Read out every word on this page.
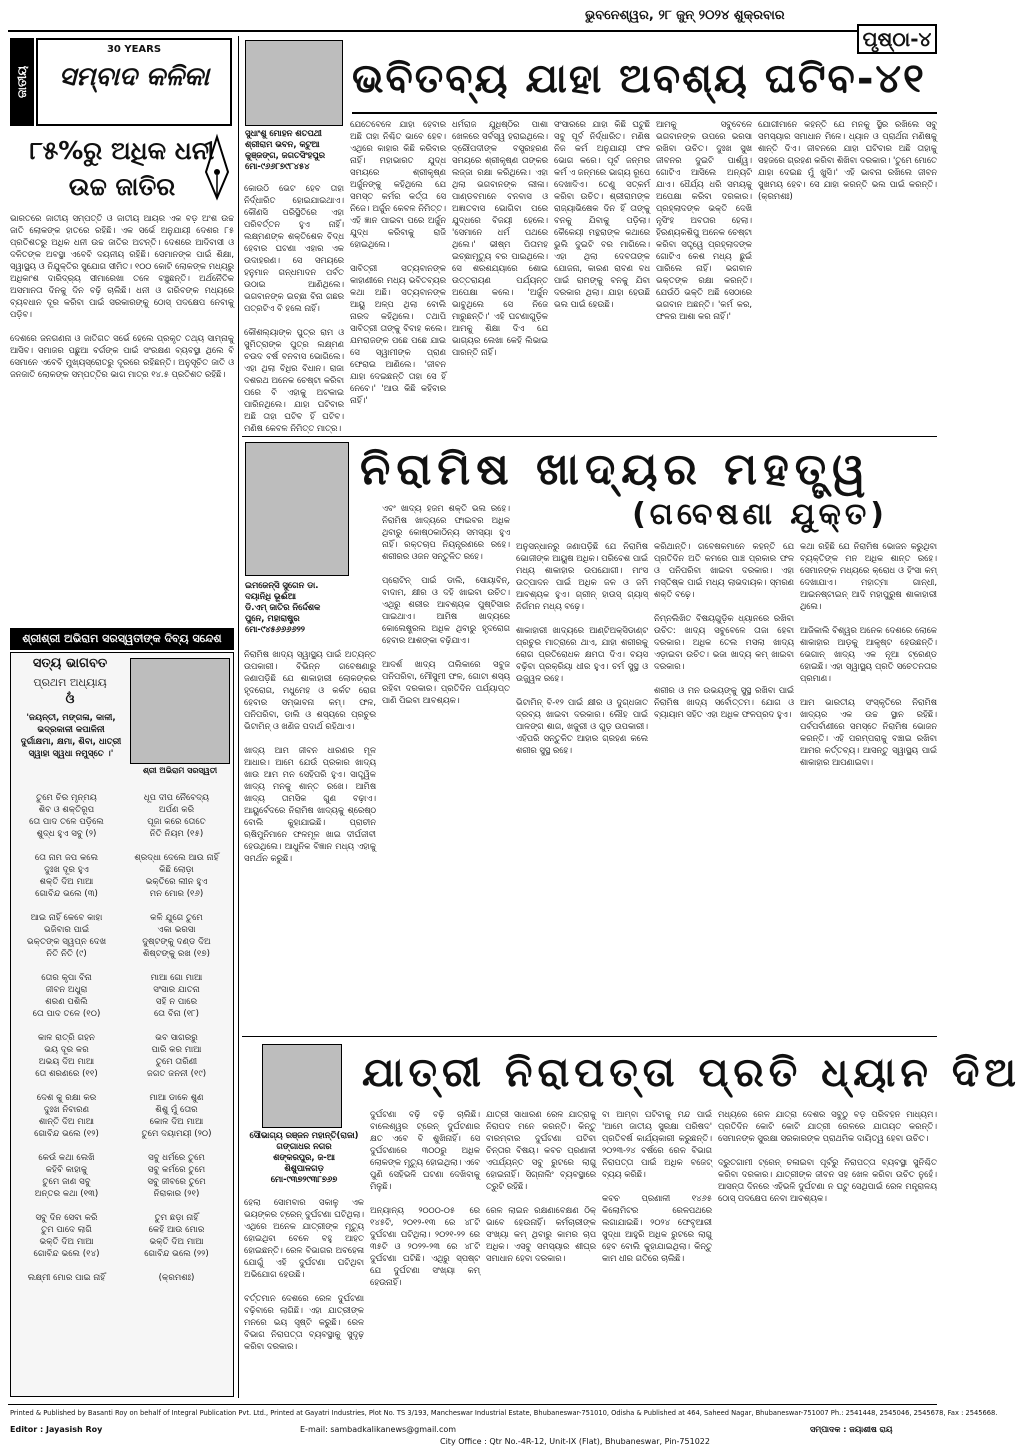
ଭୁବନେଶ୍ୱର, ୨୮ ଜୁନ୍ ୨୦୨୪ ଶୁକ୍ରବାର
ପୃଷ୍ଠା-୪
ଜାତୀୟ
30 YEARS
ସମ୍ବାଦ କଳିକା
୮୫%ରୁ ଅଧିକ ଧନୀ
ଉଚ୍ଚ ଜାତିର
ଭାରତରେ ଜାତୀୟ ସମ୍ପତ୍ତି ଓ ଜାତୀୟ ଆୟର ଏକ ବଡ଼ ଅଂଶ ଉଚ୍ଚ ଜାତି ଲୋକଙ୍କ ହାତରେ ରହିଛି। ଏକ ସର୍ଭେ ଅନୁଯାୟୀ ଦେଶର ୮୫ ପ୍ରତିଶତରୁ ଅଧିକ ଧନୀ ଉଚ୍ଚ ଜାତିର ଅଟନ୍ତି। ଦେଶରେ ଆଦିବାସୀ ଓ ଦଳିତଙ୍କ ଅବସ୍ଥା ଏବେବି ଦୟନୀୟ ରହିଛି। ସେମାନଙ୍କ ପାଇଁ ଶିକ୍ଷା, ସ୍ୱାସ୍ଥ୍ୟ ଓ ନିଯୁକ୍ତିର ସୁଯୋଗ ସୀମିତ। ୧୦୦ କୋଟି ଲୋକଙ୍କ ମଧ୍ୟରୁ ଅଧିକାଂଶ ଦାରିଦ୍ର୍ୟ ସୀମାରେଖା ତଳେ ବଞ୍ଚୁଛନ୍ତି। ଅର୍ଥନୈତିକ ଅସମାନତା ଦିନକୁ ଦିନ ବଢ଼ି ଚାଲିଛି। ଧନୀ ଓ ଗରିବଙ୍କ ମଧ୍ୟରେ ବ୍ୟବଧାନ ଦୂର କରିବା ପାଇଁ ସରକାରଙ୍କୁ ଠୋସ୍ ପଦକ୍ଷେପ ନେବାକୁ ପଡ଼ିବ।

ଦେଶରେ ଜନଗଣନା ଓ ଜାତିଗତ ସର୍ଭେ ହେଲେ ପ୍ରକୃତ ତଥ୍ୟ ସାମ୍ନାକୁ ଆସିବ। ସମାଜର ପଛୁଆ ବର୍ଗଙ୍କ ପାଇଁ ସଂରକ୍ଷଣ ବ୍ୟବସ୍ଥା ଥିଲେ ବି ସେମାନେ ଏବେବି ମୁଖ୍ୟସ୍ରୋତରୁ ଦୂରରେ ରହିଛନ୍ତି। ଅନୁସୂଚିତ ଜାତି ଓ ଜନଜାତି ଲୋକଙ୍କ ସମ୍ପତ୍ତିର ଭାଗ ମାତ୍ର ୧୪.୫ ପ୍ରତିଶତ ରହିଛି।
ଶ୍ରୀଶ୍ରୀ ଅଭିରାମ ସରସ୍ୱତୀଙ୍କ ଦିବ୍ୟ ସନ୍ଦେଶ
ସତ୍ୟ ଭାଗବତ
ପ୍ରଥମ ଅଧ୍ୟାୟ
ଓଁ
ଶ୍ରୀ ଅଭିରାମ ସରସ୍ୱତୀ
'ଜୟନ୍ତୀ, ମଙ୍ଗଳା, କାଳୀ,
ଭଦ୍ରକାଳୀ କପାଳିନୀ
ଦୁର୍ଗାକ୍ଷମା, କ୍ଷମା, ଶିବା, ଧାତ୍ରୀ
ସ୍ୱାହା ସ୍ୱଧା ନମୁସ୍ତେ ।'
ତୁମେ ଚିର ମୃନ୍ମୟ
ଶିବ ଓ ଶକ୍ତିରୂପ
ତୋ ପାଦ ତଳେ ପଡ଼ିଲେ
ଶୁଦ୍ଧ ହୁଏ ସବୁ (୨)

ତୋ ନାମ ଜପ କଲେ
ଦୁଃଖ ଦୂର ହୁଏ
ଶକ୍ତି ଦିଅ ମାଆ
ଗୋବିନ୍ଦ ଭଲେ (୩)

ଆଇ ନାହିଁ କେବେ କାହା
ଭଜିବାର ପାଇଁ
ଭକ୍ତଙ୍କ ସ୍ୱପ୍ନ ଦେଖ
ନିତି ନିତି (୯)

ତୋର କୃପା ବିନା
ଜୀବନ ଅଧୁରା
ଶରଣ ପଶିଲି
ତୋ ପାଦ ତଳେ (୧୦)

କାଳ ରାତ୍ରି ଗହନ
ଭୟ ଦୂର କର
ଅଭୟ ଦିଅ ମାଆ
ତୋ ଶରଣରେ (୧୧)

ଦେଶ କୁ ରକ୍ଷା କର
ଦୁଃଖ ନିବାରଣ
ଶାନ୍ତି ଦିଅ ମାଆ
ଗୋବିନ୍ଦ ଭଲେ (୧୨)

କେଉଁ କଥା ଲେଖି
କହିବି କାହାକୁ
ତୁମେ ଜାଣ ସବୁ
ଅନ୍ତର କଥା (୧୩)

ସବୁ ଦିନ ସେବା କରି
ତୁମ ପାଦେ ଲାଗି
ଭକ୍ତି ଦିଅ ମାଆ
ଗୋବିନ୍ଦ ଭଲେ (୧୪)

ଲକ୍ଷ୍ମୀ ମୋର ପାଇ ନାହିଁ
ଧୂପ ଦୀପ ନୈବେଦ୍ୟ
ଅର୍ପଣ କରି
ପୂଜା କରେ ତୋତେ
ନିତି ନିୟମ (୧୫)

ଶ୍ରଦ୍ଧା ଦେଲେ ଆଉ ନାହିଁ
କିଛି ଲୋଡ଼ା
ଭକ୍ତିରେ ଲୀନ ହୁଏ
ମନ ମୋର (୧୬)

କଳି ଯୁଗେ ତୁମେ
ଏକା ଭରସା
ଦୁଷ୍ଟଙ୍କୁ ଦଣ୍ଡ ଦିଅ
ଶିଷ୍ଟଙ୍କୁ ରଖ (୧୭)

ମାଆ ଗୋ ମାଆ
ସଂସାର ଯାତନା
ସହି ନ ପାରେ
ତୋ ବିନା (୧୮)

ଭବ ସାଗରରୁ
ପାରି କର ମାଆ
ତୁମେ ତାରିଣୀ
ଜଗତ ଜନନୀ (୧୯)

ମାଆ ଡାକେ ଶୁଣ
ଶିଶୁ ମୁଁ ତୋର
କୋଳ ଦିଅ ମାଆ
ତୁମେ ଦୟାମୟୀ (୨୦)

ସବୁ ଧର୍ମରେ ତୁମେ
ସବୁ କର୍ମରେ ତୁମେ
ସବୁ ଜୀବରେ ତୁମେ
ନିରାକାର (୨୧)

ତୁମ ଛଡ଼ା ନାହିଁ
କେହି ଆଉ ମୋର
ଭକ୍ତି ଦିଅ ମାଆ
ଗୋବିନ୍ଦ ଭଲେ (୨୨)

(କ୍ରମଶଃ)
ସୁଧାଂଶୁ ମୋହନ ଶତପଥୀ
ଶ୍ରୀରାମ ଭବନ, କଟୁଆ
କୁଞ୍ଜଙ୍ଗ, ଜଗତସିଂହପୁର
ମୋ-୯୬୬୮୭୯୮୪୫୪
ଭବିତବ୍ୟ ଯାହା ଅବଶ୍ୟ ଘଟିବ-୪୧
କୋଉଠି ଭେଟ ହେବ ତାହା ନିର୍ଦ୍ଧାରିତ ହୋଇଯାଇଥାଏ। କୌଣସି ପରିସ୍ଥିତିରେ ଏହା ପରିବର୍ତ୍ତନ ହୁଏ ନାହିଁ। ଲକ୍ଷ୍ମଣଙ୍କ ଶକ୍ତିଶେଳ ବିଦ୍ଧ ହେବାର ଘଟଣା ଏହାର ଏକ ଉଦାହରଣ। ସେ ସମୟରେ ହନୁମାନ ଗନ୍ଧମାଦନ ପର୍ବତ ଉଠାଇ ଆଣିଥିଲେ। ଭଗବାନଙ୍କ ଇଚ୍ଛା ବିନା ଗଛର ପତ୍ରଟିଏ ବି ହଲେ ନାହିଁ।

କୌଶଲ୍ୟାଙ୍କ ପୁତ୍ର ରାମ ଓ ସୁମିତ୍ରାଙ୍କ ପୁତ୍ର ଲକ୍ଷ୍ମଣ ଚଉଦ ବର୍ଷ ବନବାସ ଭୋଗିଲେ। ଏହା ଥିଲା ବିଧିର ବିଧାନ। ରାଜା ଦଶରଥ ଅନେକ ଚେଷ୍ଟା କରିବା ପରେ ବି ଏହାକୁ ଅଟକାଇ ପାରିନଥିଲେ। ଯାହା ଘଟିବାର ଅଛି ତାହା ଘଟିବ ହିଁ ଘଟିବ। ମଣିଷ କେବଳ ନିମିତ୍ତ ମାତ୍ର।
ଯେତେବେଳେ ଯାହା ହେବାର ଅଛି ତାହା ନିଶ୍ଚିତ ଭାବେ ହେବ। ଏଥିରେ କାହାର କିଛି କରିବାର ନାହିଁ। ମହାଭାରତ ଯୁଦ୍ଧ ସମୟରେ ଶ୍ରୀକୃଷ୍ଣ ଅର୍ଜୁନଙ୍କୁ କହିଥିଲେ ଯେ ସମସ୍ତ କର୍ମର କର୍ତ୍ତା ସେ ନିଜେ। ଅର୍ଜୁନ କେବଳ ନିମିତ୍ତ। ଏହି ଜ୍ଞାନ ପାଇବା ପରେ ଅର୍ଜୁନ ଯୁଦ୍ଧ କରିବାକୁ ରାଜି ହୋଇଥିଲେ।

ସାବିତ୍ରୀ ସତ୍ୟବାନଙ୍କ କାହାଣୀରେ ମଧ୍ୟ ଭବିତବ୍ୟର କଥା ଅଛି। ସତ୍ୟବାନଙ୍କ ଆୟୁ ଅଳ୍ପ ଥିଲା ବୋଲି ନାରଦ କହିଥିଲେ। ତଥାପି ସାବିତ୍ରୀ ତାଙ୍କୁ ବିବାହ କଲେ। ଯମରାଜଙ୍କ ପଛେ ପଛେ ଯାଇ ସେ ସ୍ୱାମୀଙ୍କ ପ୍ରାଣ ଫେରାଇ ଆଣିଲେ। 'ଜୀବନ ଯାହା ଦେଇଛନ୍ତି ତାହା ସେ ହିଁ ନେବେ।' 'ଆଉ କିଛି କହିବାର ନାହିଁ।'
ଧର୍ମରାଜ ଯୁଧିଷ୍ଠିର ପାଶା ଖେଳରେ ସର୍ବସ୍ୱ ହରାଇଥିଲେ। ଦ୍ରୌପଦୀଙ୍କ ବସ୍ତ୍ରହରଣ ସମୟରେ ଶ୍ରୀକୃଷ୍ଣ ତାଙ୍କର ଲଜ୍ଜା ରକ୍ଷା କରିଥିଲେ। ଏହା ଥିଲା ଭଗବାନଙ୍କ ଲୀଳା। ପାଣ୍ଡବମାନେ ବନବାସ ଓ ଅଜ୍ଞାତବାସ ଭୋଗିବା ପରେ ଯୁଦ୍ଧରେ ବିଜୟୀ ହେଲେ। 'ସେମାନେ ଧର୍ମ ପଥରେ ଥିଲେ।' ଭୀଷ୍ମ ପିତାମହ ଇଚ୍ଛାମୃତ୍ୟୁ ବର ପାଇଥିଲେ। ସେ ଶରଶଯ୍ୟାରେ ଶୋଇ ଉତ୍ତରାୟଣ ପର୍ଯ୍ୟନ୍ତ ଅପେକ୍ଷା କଲେ। 'ଅର୍ଜୁନ ଭାବୁଥିଲେ ସେ ନିଜେ ମାରୁଛନ୍ତି।' ଏହି ଘଟଣାଗୁଡ଼ିକ ଆମକୁ ଶିକ୍ଷା ଦିଏ ଯେ ଭାଗ୍ୟର ଲେଖା କେହି ଲିଭାଇ ପାରନ୍ତି ନାହିଁ।
ସଂସାରରେ ଯାହା କିଛି ଘଟୁଛି ସବୁ ପୂର୍ବ ନିର୍ଦ୍ଧାରିତ। ମଣିଷ ନିଜ କର୍ମ ଅନୁଯାୟୀ ଫଳ ଭୋଗ କରେ। ପୂର୍ବ ଜନ୍ମର କର୍ମ ଏ ଜନ୍ମରେ ଭାଗ୍ୟ ରୂପେ ଦେଖାଦିଏ। ତେଣୁ ସତ୍କର୍ମ କରିବା ଉଚିତ। ଶ୍ରୀରାମଙ୍କ ରାଜ୍ୟାଭିଷେକ ଦିନ ହିଁ ତାଙ୍କୁ ବନକୁ ଯିବାକୁ ପଡ଼ିଲା। କୈକେୟୀ ମନ୍ଥରାଙ୍କ କଥାରେ ଭୁଲି ଦୁଇଟି ବର ମାଗିଲେ। ଏହା ଥିଲା ଦେବତାଙ୍କ ଯୋଜନା, କାରଣ ରାବଣ ବଧ ପାଇଁ ରାମଙ୍କୁ ବନକୁ ଯିବା ଦରକାର ଥିଲା। ଯାହା ହେଉଛି ଭଲ ପାଇଁ ହେଉଛି।
ଆମକୁ ସବୁବେଳେ ଭଗବାନଙ୍କ ଉପରେ ଭରସା ରଖିବା ଉଚିତ। ଦୁଃଖ ସୁଖ ଜୀବନର ଦୁଇଟି ପାର୍ଶ୍ୱ। ଗୋଟିଏ ଆସିଲେ ଅନ୍ୟଟି ଯାଏ। ଧୈର୍ଯ୍ୟ ଧରି ସମୟକୁ ଅପେକ୍ଷା କରିବା ଦରକାର। ପ୍ରହ୍ଲାଦଙ୍କ ଭକ୍ତି ଦେଖି ନୃସିଂହ ଅବତାର ହେଲା। ହିରଣ୍ୟକଶିପୁ ଅନେକ ଚେଷ୍ଟା କରିବା ସତ୍ତ୍ୱେ ପ୍ରହ୍ଲାଦଙ୍କ ଗୋଟିଏ କେଶ ମଧ୍ୟ ଛୁଇଁ ପାରିଲେ ନାହିଁ। ଭଗବାନ ଭକ୍ତଙ୍କ ରକ୍ଷା କରନ୍ତି। ଯେଉଁଠି ଭକ୍ତି ଅଛି ସେଠାରେ ଭଗବାନ ଅଛନ୍ତି। 'କର୍ମ କର, ଫଳର ଆଶା କର ନାହିଁ।'
ଯୋଗୀମାନେ କହନ୍ତି ଯେ ମନକୁ ସ୍ଥିର ରଖିଲେ ସବୁ ସମସ୍ୟାର ସମାଧାନ ମିଳେ। ଧ୍ୟାନ ଓ ପ୍ରାର୍ଥନା ମଣିଷକୁ ଶାନ୍ତି ଦିଏ। ଜୀବନରେ ଯାହା ଘଟିବାର ଅଛି ତାହାକୁ ସହଜରେ ଗ୍ରହଣ କରିବା ଶିଖିବା ଦରକାର। 'ତୁମେ ମୋତେ ଯାହା ଦେଇଛ ମୁଁ ଖୁସି।' ଏହି ଭାବନା ରଖିଲେ ଜୀବନ ସୁଖମୟ ହେବ। ସେ ଯାହା କରନ୍ତି ଭଲ ପାଇଁ କରନ୍ତି। (କ୍ରମଶଃ)
ଇମଜେନ୍ସି ସୁଗେନ ଡା.
ଦୟାନିଧି ଭୂଈଁଆ
ଡି.ଏମ୍ ଜାତିର ନିର୍ଦ୍ଦେଶକ
ପୁନେ, ମହାରାଷ୍ଟ୍ର
ମୋ-୯୪୫୬୬୬୬୨୨
ନିରାମିଷ ଖାଦ୍ୟର ମହତ୍ତ୍ୱ
(ଗବେଷଣା ଯୁକ୍ତ)
ନିରାମିଷ ଖାଦ୍ୟ ସ୍ୱାସ୍ଥ୍ୟ ପାଇଁ ଅତ୍ୟନ୍ତ ଉପକାରୀ। ବିଭିନ୍ନ ଗବେଷଣାରୁ ଜଣାପଡ଼ିଛି ଯେ ଶାକାହାରୀ ଲୋକଙ୍କର ହୃଦରୋଗ, ମଧୁମେହ ଓ କର୍କଟ ରୋଗ ହେବାର ସମ୍ଭାବନା କମ୍। ଫଳ, ପନିପରିବା, ଡାଲି ଓ ଶସ୍ୟରେ ପ୍ରଚୁର ଭିଟାମିନ୍ ଓ ଖଣିଜ ପଦାର୍ଥ ରହିଥାଏ।

ଖାଦ୍ୟ ଆମ ଜୀବନ ଧାରଣର ମୂଳ ଆଧାର। ଆମେ ଯେଉଁ ପ୍ରକାର ଖାଦ୍ୟ ଖାଉ ଆମ ମନ ସେହିପରି ହୁଏ। ସାତ୍ତ୍ୱିକ ଖାଦ୍ୟ ମନକୁ ଶାନ୍ତ ରଖେ। ଆମିଷ ଖାଦ୍ୟ ତାମସିକ ଗୁଣ ବଢ଼ାଏ। ଆୟୁର୍ବେଦରେ ନିରାମିଷ ଖାଦ୍ୟକୁ ଶ୍ରେଷ୍ଠ ବୋଲି କୁହାଯାଇଛି। ପ୍ରାଚୀନ ଋଷିମୁନିମାନେ ଫଳମୂଳ ଖାଇ ଦୀର୍ଘଜୀବୀ ହେଉଥିଲେ। ଆଧୁନିକ ବିଜ୍ଞାନ ମଧ୍ୟ ଏହାକୁ ସମର୍ଥନ କରୁଛି।
ଏବଂ ଖାଦ୍ୟ ହଜମ ଶକ୍ତି ଭଲ ରହେ। ନିରାମିଷ ଖାଦ୍ୟରେ ଫାଇବର ଅଧିକ ଥିବାରୁ କୋଷ୍ଠକାଠିନ୍ୟ ସମସ୍ୟା ହୁଏ ନାହିଁ। ରକ୍ତଚାପ ନିୟନ୍ତ୍ରଣରେ ରହେ। ଶରୀରର ଓଜନ ସନ୍ତୁଳିତ ରହେ।

ପ୍ରୋଟିନ୍ ପାଇଁ ଡାଲି, ସୋୟାବିନ୍, ବାଦାମ, କ୍ଷୀର ଓ ଦହି ଖାଇବା ଉଚିତ। ଏଥିରୁ ଶରୀର ଆବଶ୍ୟକ ପୁଷ୍ଟିସାର ପାଇଥାଏ। ଆମିଷ ଖାଦ୍ୟରେ କୋଲେଷ୍ଟ୍ରଲ ଅଧିକ ଥିବାରୁ ହୃଦରୋଗ ହେବାର ଆଶଙ୍କା ବଢ଼ିଯାଏ।

ଆଦର୍ଶ ଖାଦ୍ୟ ତାଲିକାରେ ସବୁଜ ପନିପରିବା, ମୌସୁମୀ ଫଳ, ଗୋଟା ଶସ୍ୟ ରହିବା ଦରକାର। ପ୍ରତିଦିନ ପର୍ଯ୍ୟାପ୍ତ ପାଣି ପିଇବା ଆବଶ୍ୟକ।
ଅନୁସନ୍ଧାନରୁ ଜଣାପଡ଼ିଛି ଯେ ନିରାମିଷ ଭୋଜୀଙ୍କ ଆୟୁଷ ଅଧିକ। ପରିବେଶ ପାଇଁ ମଧ୍ୟ ଶାକାହାର ଉପଯୋଗୀ। ମାଂସ ଉତ୍ପାଦନ ପାଇଁ ଅଧିକ ଜଳ ଓ ଜମି ଆବଶ୍ୟକ ହୁଏ। ଗ୍ରୀନ୍ ହାଉସ୍ ଗ୍ୟାସ୍ ନିର୍ଗମନ ମଧ୍ୟ ବଢ଼େ।

ଶାକାହାରୀ ଖାଦ୍ୟରେ ଆଣ୍ଟିଅକ୍ସିଡାଣ୍ଟ ପ୍ରଚୁର ମାତ୍ରାରେ ଥାଏ, ଯାହା ଶରୀରକୁ ରୋଗ ପ୍ରତିରୋଧକ କ୍ଷମତା ଦିଏ। ବୟସ ବଢ଼ିବା ପ୍ରକ୍ରିୟା ଧୀର ହୁଏ। ଚର୍ମ ସୁସ୍ଥ ଓ ଉଜ୍ଜ୍ୱଳ ରହେ।

ଭିଟାମିନ୍ ବି-୧୨ ପାଇଁ କ୍ଷୀର ଓ ଦୁଗ୍ଧଜାତ ଦ୍ରବ୍ୟ ଖାଇବା ଦରକାର। ଲୌହ ପାଇଁ ପାଳଙ୍ଗ ଶାଗ, ଖଜୁରୀ ଓ ଗୁଡ଼ ଉପକାରୀ। ଏହିପରି ସନ୍ତୁଳିତ ଆହାର ଗ୍ରହଣ କଲେ ଶରୀର ସୁସ୍ଥ ରହେ।
କରିଥାନ୍ତି। ଗବେଷକମାନେ କହନ୍ତି ଯେ ପ୍ରତିଦିନ ଅତି କମରେ ପାଞ୍ଚ ପ୍ରକାର ଫଳ ଓ ପନିପରିବା ଖାଇବା ଦରକାର। ଏହା ମସ୍ତିଷ୍କ ପାଇଁ ମଧ୍ୟ ଲାଭଦାୟକ। ସ୍ମରଣ ଶକ୍ତି ବଢ଼େ।

ନିମ୍ନଲିଖିତ ବିଷୟଗୁଡ଼ିକ ଧ୍ୟାନରେ ରଖିବା ଉଚିତ: ଖାଦ୍ୟ ସବୁବେଳେ ତାଜା ହେବା ଦରକାର। ଅଧିକ ତେଲ ମସଲା ଖାଦ୍ୟ ଏଡ଼ାଇବା ଉଚିତ। ଭଜା ଖାଦ୍ୟ କମ୍ ଖାଇବା ଦରକାର।

ଶରୀର ଓ ମନ ଉଭୟଙ୍କୁ ସୁସ୍ଥ ରଖିବା ପାଇଁ ନିରାମିଷ ଖାଦ୍ୟ ସର୍ବୋତ୍ତମ। ଯୋଗ ଓ ବ୍ୟାୟାମ ସହିତ ଏହା ଅଧିକ ଫଳପ୍ରଦ ହୁଏ।
କଥା ରହିଛି ଯେ ନିରାମିଷ ଭୋଜନ କରୁଥିବା ବ୍ୟକ୍ତିଙ୍କ ମନ ଅଧିକ ଶାନ୍ତ ରହେ। ସେମାନଙ୍କ ମଧ୍ୟରେ କ୍ରୋଧ ଓ ହିଂସା କମ୍ ଦେଖାଯାଏ। ମହାତ୍ମା ଗାନ୍ଧୀ, ଆଇନଷ୍ଟାଇନ୍ ଆଦି ମହାପୁରୁଷ ଶାକାହାରୀ ଥିଲେ।

ଆଜିକାଲି ବିଶ୍ୱର ଅନେକ ଦେଶରେ ଲୋକେ ଶାକାହାର ଆଡ଼କୁ ଆକୃଷ୍ଟ ହେଉଛନ୍ତି। ଭେଗାନ୍ ଖାଦ୍ୟ ଏକ ନୂଆ ଟ୍ରେଣ୍ଡ ହୋଇଛି। ଏହା ସ୍ୱାସ୍ଥ୍ୟ ପ୍ରତି ସଚେତନତାର ପ୍ରମାଣ।

ଆମ ଭାରତୀୟ ସଂସ୍କୃତିରେ ନିରାମିଷ ଖାଦ୍ୟର ଏକ ଉଚ୍ଚ ସ୍ଥାନ ରହିଛି। ପର୍ବପର୍ବାଣୀରେ ସମସ୍ତେ ନିରାମିଷ ଭୋଜନ କରନ୍ତି। ଏହି ପରମ୍ପରାକୁ ବଞ୍ଚାଇ ରଖିବା ଆମର କର୍ତ୍ତବ୍ୟ। ଆସନ୍ତୁ ସ୍ୱାସ୍ଥ୍ୟ ପାଇଁ ଶାକାହାର ଆପଣାଇବା।
ସୌଭାଗ୍ୟ ରଞ୍ଜନ ମହାନ୍ତି(ରାଜା)
ଗଙ୍ଗାଧର ନଗର
ଶଙ୍କରପୁର, ଜ-ଆ
ଶିଶୁପାଳଗଡ଼
ମୋ-୯୩୭୨୯୩୮୭୬୭
ଯାତ୍ରୀ ନିରାପତ୍ତା ପ୍ରତି ଧ୍ୟାନ ଦିଅ
ହେଲା ସୋମବାର ସକାଳୁ ଏକ ଭୟଙ୍କର ଟ୍ରେନ୍ ଦୁର୍ଘଟଣା ଘଟିଥିଲା। ଏଥିରେ ଅନେକ ଯାତ୍ରୀଙ୍କ ମୃତ୍ୟୁ ହୋଇଥିବା ବେଳେ ବହୁ ଆହତ ହୋଇଛନ୍ତି। ରେଳ ବିଭାଗର ଅବହେଳା ଯୋଗୁଁ ଏହି ଦୁର୍ଘଟଣା ଘଟିଥିବା ଅଭିଯୋଗ ହେଉଛି।

ବର୍ତ୍ତମାନ ଦେଶରେ ରେଳ ଦୁର୍ଘଟଣା ବଢ଼ିବାରେ ଲାଗିଛି। ଏହା ଯାତ୍ରୀଙ୍କ ମନରେ ଭୟ ସୃଷ୍ଟି କରୁଛି। ରେଳ ବିଭାଗ ନିରାପତ୍ତା ବ୍ୟବସ୍ଥାକୁ ସୁଦୃଢ଼ କରିବା ଦରକାର।
ଦୁର୍ଘଟଣା ବଢ଼ି ବଢ଼ି ଚାଲିଛି। ବାଲେଶ୍ୱର ଟ୍ରେନ୍ ଦୁର୍ଘଟଣାର କ୍ଷତ ଏବେ ବି ଶୁଖିନାହିଁ। ସେ ଦୁର୍ଘଟଣାରେ ୩୦୦ରୁ ଅଧିକ ଲୋକଙ୍କ ମୃତ୍ୟୁ ହୋଇଥିଲା। ଏବେ ପୁଣି ସେହିଭଳି ଘଟଣା ଦେଖିବାକୁ ମିଳୁଛି।

ଅନ୍ୟାନ୍ୟ ୨୦୦୦-୦୫ ରେ ୧୪୫ଟି, ୨୦୧୨-୧୩ ରେ ୪୮ଟି ଦୁର୍ଘଟଣା ଘଟିଥିଲା। ୨୦୨୧-୨୨ ରେ ୩୫ଟି ଓ ୨୦୨୨-୨୩ ରେ ୪୮ଟି ଦୁର୍ଘଟଣା ଘଟିଛି। ଏଥିରୁ ସ୍ପଷ୍ଟ ଯେ ଦୁର୍ଘଟଣା ସଂଖ୍ୟା କମ୍ ହେଉନାହିଁ।
ଯାତ୍ରୀ ସାଧାରଣ ରେଳ ଯାତ୍ରାକୁ ନିରାପଦ ମନେ କରନ୍ତି। କିନ୍ତୁ ବାରମ୍ବାର ଦୁର୍ଘଟଣା ଘଟିବା ଚିନ୍ତାର ବିଷୟ। କବଚ ପ୍ରଣାଳୀ ଏପର୍ଯ୍ୟନ୍ତ ସବୁ ରୁଟରେ ଲାଗୁ ହୋଇନାହିଁ। ସିଗ୍ନାଲିଂ ବ୍ୟବସ୍ଥାରେ ତ୍ରୁଟି ରହିଛି।

ରେଳ ଲାଇନ ରକ୍ଷଣାବେକ୍ଷଣ ଠିକ୍ ଭାବେ ହେଉନାହିଁ। କର୍ମଚାରୀଙ୍କ ସଂଖ୍ୟା କମ୍ ଥିବାରୁ କାମର ଚାପ ଅଧିକ। ଏସବୁ ସମସ୍ୟାର ଶୀଘ୍ର ସମାଧାନ ହେବା ଦରକାର।
ବା ଆମ୍ବା ଘଟିବାକୁ ମନ୍ଦ ପାଇଁ 'ଆମେ ଜାତୀୟ ସୁରକ୍ଷା ପରିଷଦ' ପ୍ରତିବର୍ଷ କାର୍ଯ୍ୟକାରୀ କରୁଛନ୍ତି। ୨୦୨୩-୨୪ ବର୍ଷରେ ରେଳ ବିଭାଗ ନିରାପତ୍ତା ପାଇଁ ଅଧିକ ବଜେଟ୍ ବ୍ୟୟ କରିଛି।

କବଚ ପ୍ରଣାଳୀ ୧୪୬୫ କିଲୋମିଟର ରେଳପଥରେ ଲଗାଯାଇଛି। ୨୦୨୪ ଫେବୃଆରୀ ସୁଦ୍ଧା ଆହୁରି ଅଧିକ ରୁଟରେ ଲାଗୁ ହେବ ବୋଲି କୁହାଯାଇଥିଲା। କିନ୍ତୁ କାମ ଧୀର ଗତିରେ ଚାଲିଛି।
ମଧ୍ୟରେ ରେଳ ଯାତ୍ରା ଦେଶର ସବୁଠୁ ବଡ଼ ପରିବହନ ମାଧ୍ୟମ। ପ୍ରତିଦିନ କୋଟି କୋଟି ଯାତ୍ରୀ ରେଳରେ ଯାତାୟତ କରନ୍ତି। ସେମାନଙ୍କ ସୁରକ୍ଷା ସରକାରଙ୍କ ପ୍ରାଥମିକ ଦାୟିତ୍ୱ ହେବା ଉଚିତ।

ଦ୍ରୁତଗାମୀ ଟ୍ରେନ୍ ଚଳାଇବା ପୂର୍ବରୁ ନିରାପତ୍ତା ବ୍ୟବସ୍ଥା ସୁନିଶ୍ଚିତ କରିବା ଦରକାର। ଯାତ୍ରୀଙ୍କ ଜୀବନ ସହ ଖେଳ କରିବା ଉଚିତ ନୁହେଁ। ଆସନ୍ତା ଦିନରେ ଏହିଭଳି ଦୁର୍ଘଟଣା ନ ଘଟୁ ସେଥିପାଇଁ ରେଳ ମନ୍ତ୍ରାଳୟ ଠୋସ୍ ପଦକ୍ଷେପ ନେବା ଆବଶ୍ୟକ।
Printed & Published by Basanti Roy on behalf of Integral Publication Pvt. Ltd., Printed at Gayatri Industries, Plot No. TS 3/193, Mancheswar Industrial Estate, Bhubaneswar-751010, Odisha & Published at 464, Saheed Nagar, Bhubaneswar-751007 Ph.: 2541448, 2545046, 2545678, Fax : 2545668.
Editor : Jayasish Roy	E-mail: sambadkalikanews@gmail.com
City Office : Qtr No.-4R-12, Unit-IX (Flat), Bhubaneswar, Pin-751022
ସମ୍ପାଦକ : ଜୟାଶୀଷ ରାୟ
